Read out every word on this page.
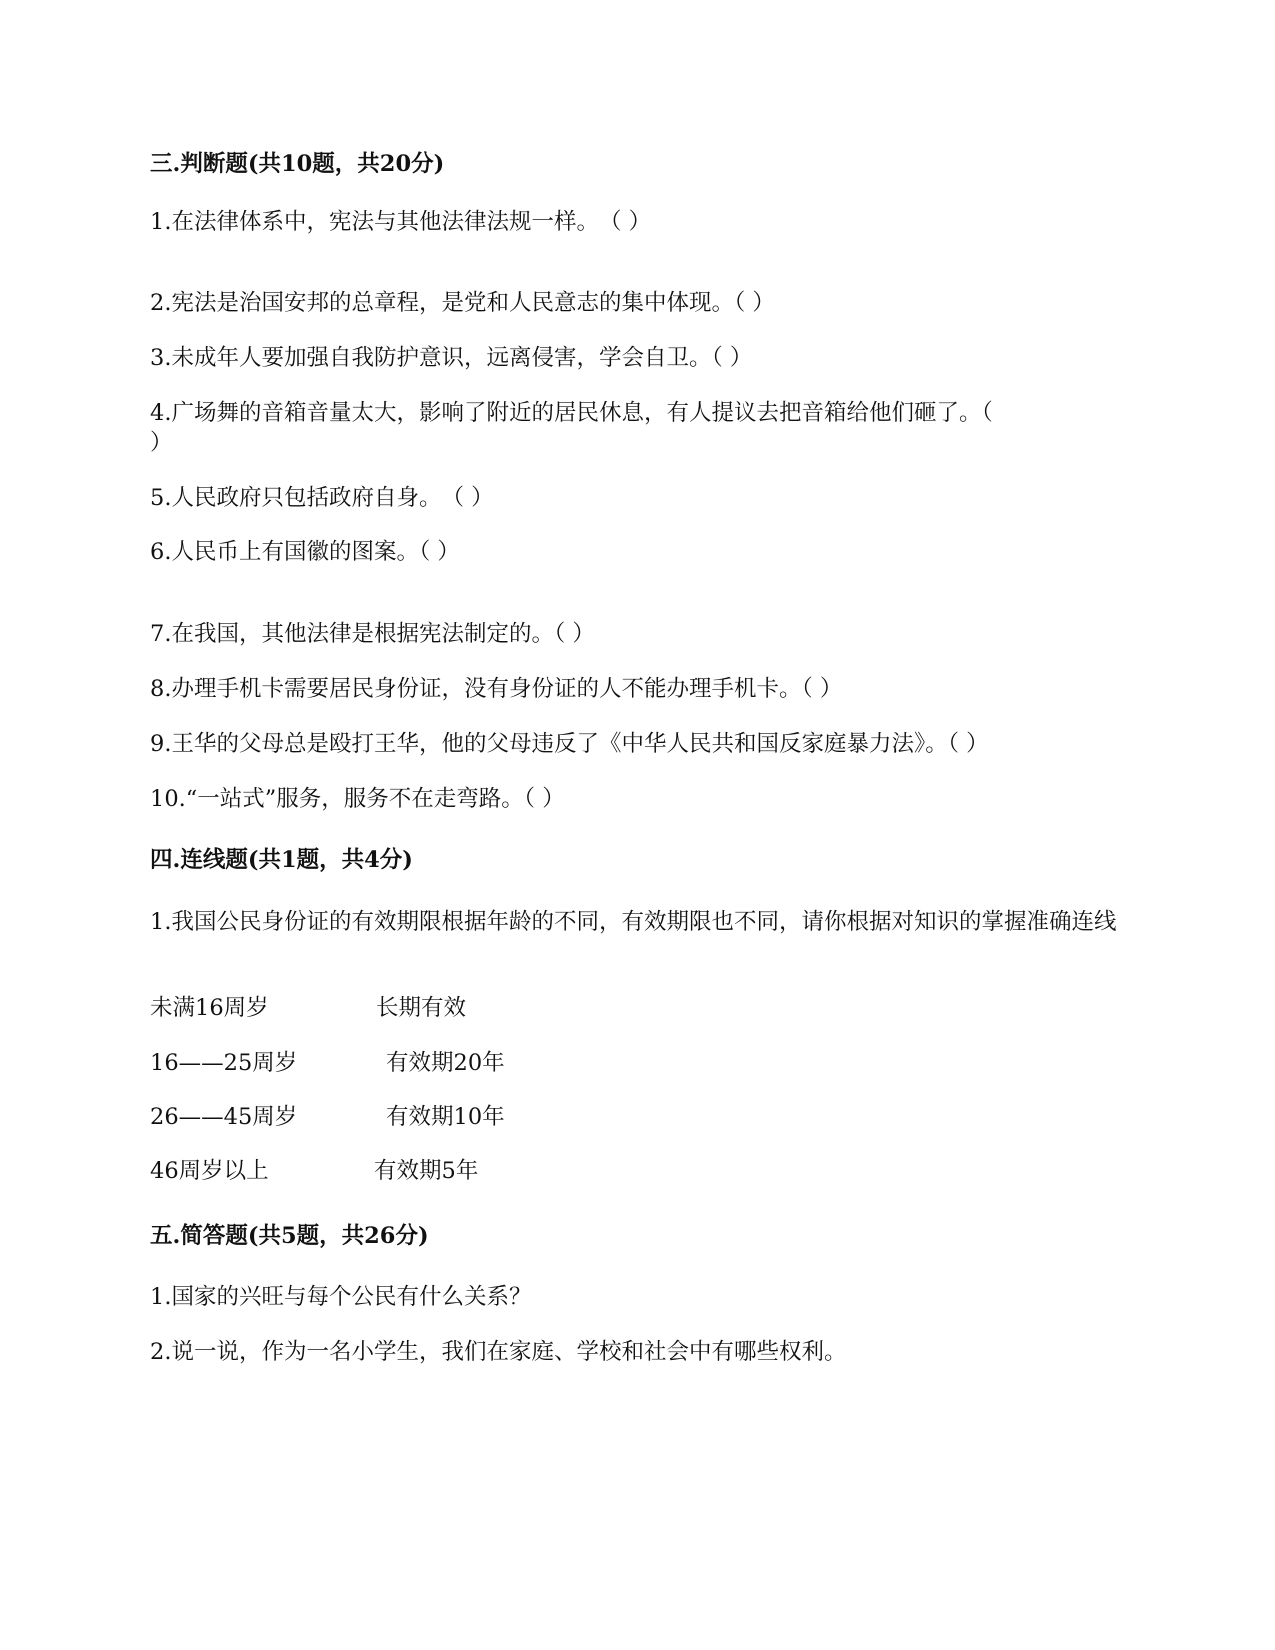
三.判断题(共10题，共20分)
1.在法律体系中，宪法与其他法律法规一样。　（ ）
2.宪法是治国安邦的总章程，是党和人民意志的集中体现。（ ）
3.未成年人要加强自我防护意识，远离侵害，学会自卫。（ ）
4.广场舞的音箱音量太大，影响了附近的居民休息，有人提议去把音箱给他们砸了。（
）
5.人民政府只包括政府自身。　（ ）
6.人民币上有国徽的图案。（ ）
7.在我国，其他法律是根据宪法制定的。（ ）
8.办理手机卡需要居民身份证，没有身份证的人不能办理手机卡。（ ）
9.王华的父母总是殴打王华，他的父母违反了《中华人民共和国反家庭暴力法》。（ ）
10.“一站式”服务，服务不在走弯路。（ ）
四.连线题(共1题，共4分)
1.我国公民身份证的有效期限根据年龄的不同，有效期限也不同，请你根据对知识的掌握准确连线
未满16周岁	长期有效
16——25周岁	有效期20年
26——45周岁	有效期10年
46周岁以上	有效期5年
五.简答题(共5题，共26分)
1.国家的兴旺与每个公民有什么关系？
2.说一说，作为一名小学生，我们在家庭、学校和社会中有哪些权利。
